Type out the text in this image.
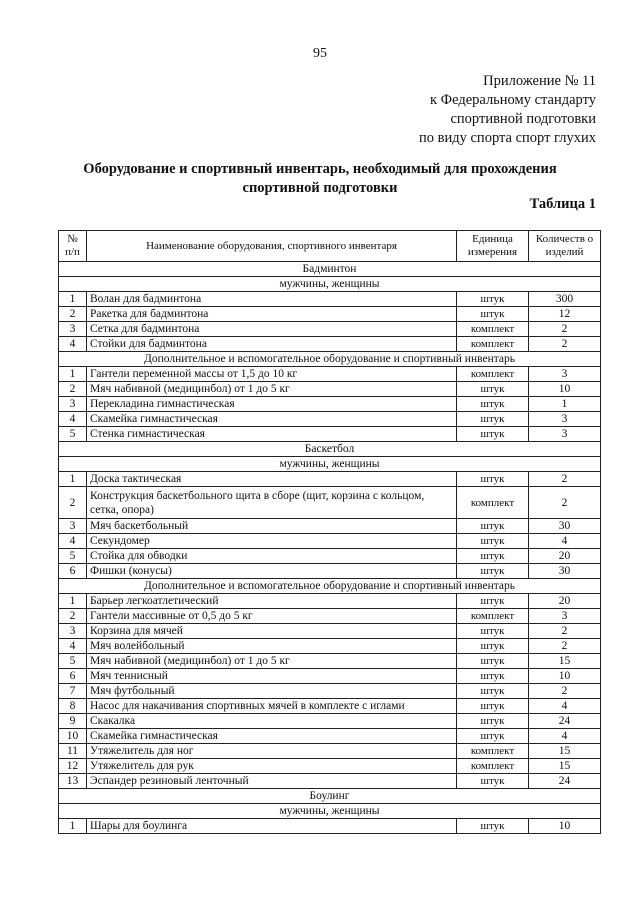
95
Приложение № 11
к Федеральному стандарту
спортивной подготовки
по виду спорта спорт глухих
Оборудование и спортивный инвентарь, необходимый для прохождения
спортивной подготовки
Таблица 1
№ п/п	Наименование оборудования, спортивного инвентаря	Единица измерения	Количеств о изделий
Бадминтон			
мужчины, женщины			
1	Волан для бадминтона	штук	300
2	Ракетка для бадминтона	штук	12
3	Сетка для бадминтона	комплект	2
4	Стойки для бадминтона	комплект	2
Дополнительное и вспомогательное оборудование и спортивный инвентарь			
1	Гантели переменной массы от 1,5 до 10 кг	комплект	3
2	Мяч набивной (медицинбол) от 1 до 5 кг	штук	10
3	Перекладина гимнастическая	штук	1
4	Скамейка гимнастическая	штук	3
5	Стенка гимнастическая	штук	3
Баскетбол			
мужчины, женщины			
1	Доска тактическая	штук	2
2	Конструкция баскетбольного щита в сборе (щит, корзина с кольцом, сетка, опора)	комплект	2
3	Мяч баскетбольный	штук	30
4	Секундомер	штук	4
5	Стойка для обводки	штук	20
6	Фишки (конусы)	штук	30
Дополнительное и вспомогательное оборудование и спортивный инвентарь			
1	Барьер легкоатлетический	штук	20
2	Гантели массивные от 0,5 до 5 кг	комплект	3
3	Корзина для мячей	штук	2
4	Мяч волейбольный	штук	2
5	Мяч набивной (медицинбол) от 1 до 5 кг	штук	15
6	Мяч теннисный	штук	10
7	Мяч футбольный	штук	2
8	Насос для накачивания спортивных мячей в комплекте с иглами	штук	4
9	Скакалка	штук	24
10	Скамейка гимнастическая	штук	4
11	Утяжелитель для ног	комплект	15
12	Утяжелитель для рук	комплект	15
13	Эспандер резиновый ленточный	штук	24
Боулинг			
мужчины, женщины			
1	Шары для боулинга	штук	10
